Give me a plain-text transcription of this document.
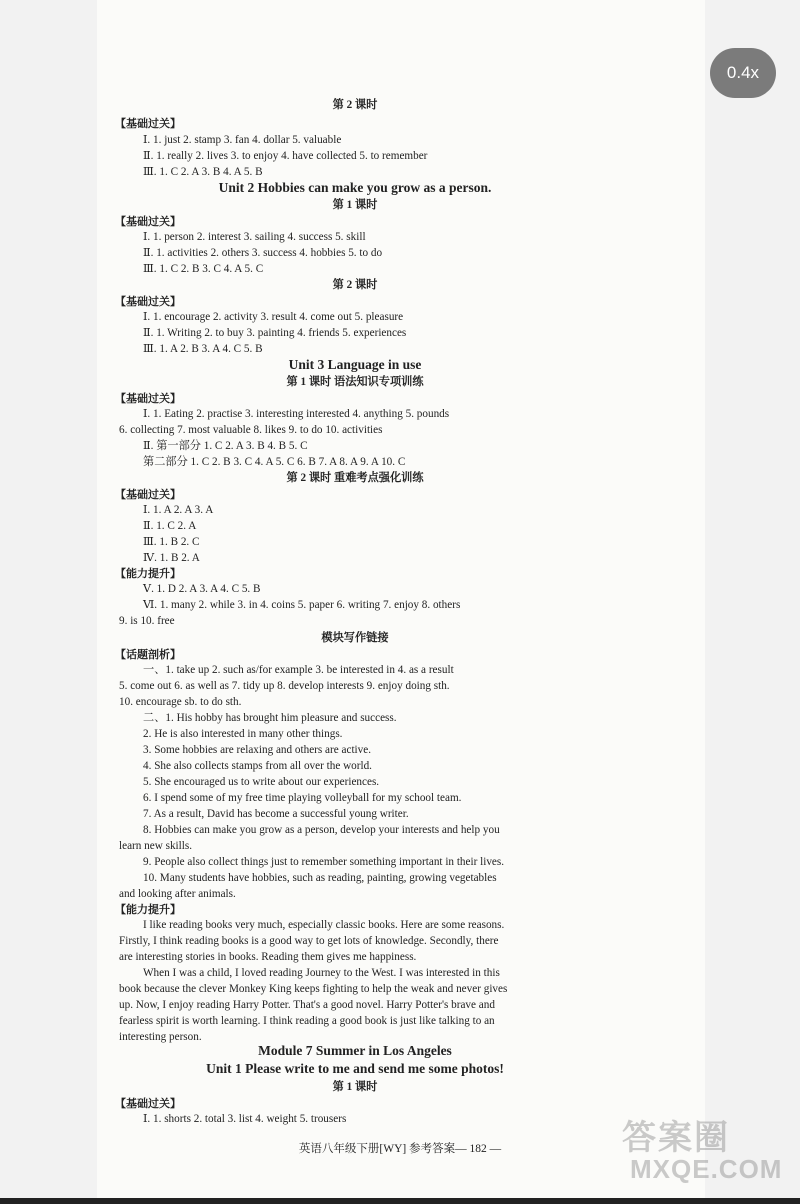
0.4x
第 2 课时
【基础过关】
Ⅰ. 1. just 2. stamp 3. fan 4. dollar 5. valuable
Ⅱ. 1. really 2. lives 3. to enjoy 4. have collected 5. to remember
Ⅲ. 1. C 2. A 3. B 4. A 5. B
Unit 2 Hobbies can make you grow as a person.
第 1 课时
【基础过关】
Ⅰ. 1. person 2. interest 3. sailing 4. success 5. skill
Ⅱ. 1. activities 2. others 3. success 4. hobbies 5. to do
Ⅲ. 1. C 2. B 3. C 4. A 5. C
第 2 课时
【基础过关】
Ⅰ. 1. encourage 2. activity 3. result 4. come out 5. pleasure
Ⅱ. 1. Writing 2. to buy 3. painting 4. friends 5. experiences
Ⅲ. 1. A 2. B 3. A 4. C 5. B
Unit 3 Language in use
第 1 课时 语法知识专项训练
【基础过关】
Ⅰ. 1. Eating 2. practise 3. interesting interested 4. anything 5. pounds
6. collecting 7. most valuable 8. likes 9. to do 10. activities
Ⅱ. 第一部分 1. C 2. A 3. B 4. B 5. C
第二部分 1. C 2. B 3. C 4. A 5. C 6. B 7. A 8. A 9. A 10. C
第 2 课时 重难考点强化训练
【基础过关】
Ⅰ. 1. A 2. A 3. A
Ⅱ. 1. C 2. A
Ⅲ. 1. B 2. C
Ⅳ. 1. B 2. A
【能力提升】
Ⅴ. 1. D 2. A 3. A 4. C 5. B
Ⅵ. 1. many 2. while 3. in 4. coins 5. paper 6. writing 7. enjoy 8. others
9. is 10. free
模块写作链接
【话题剖析】
一、1. take up 2. such as/for example 3. be interested in 4. as a result
5. come out 6. as well as 7. tidy up 8. develop interests 9. enjoy doing sth.
10. encourage sb. to do sth.
二、1. His hobby has brought him pleasure and success.
2. He is also interested in many other things.
3. Some hobbies are relaxing and others are active.
4. She also collects stamps from all over the world.
5. She encouraged us to write about our experiences.
6. I spend some of my free time playing volleyball for my school team.
7. As a result, David has become a successful young writer.
8. Hobbies can make you grow as a person, develop your interests and help you
learn new skills.
9. People also collect things just to remember something important in their lives.
10. Many students have hobbies, such as reading, painting, growing vegetables
and looking after animals.
【能力提升】
I like reading books very much, especially classic books. Here are some reasons.
Firstly, I think reading books is a good way to get lots of knowledge. Secondly, there
are interesting stories in books. Reading them gives me happiness.
When I was a child, I loved reading Journey to the West. I was interested in this
book because the clever Monkey King keeps fighting to help the weak and never gives
up. Now, I enjoy reading Harry Potter. That's a good novel. Harry Potter's brave and
fearless spirit is worth learning. I think reading a good book is just like talking to an
interesting person.
Module 7 Summer in Los Angeles
Unit 1 Please write to me and send me some photos!
第 1 课时
【基础过关】
Ⅰ. 1. shorts 2. total 3. list 4. weight 5. trousers
英语八年级下册[WY] 参考答案— 182 —	答案圈
MXQE.COM
